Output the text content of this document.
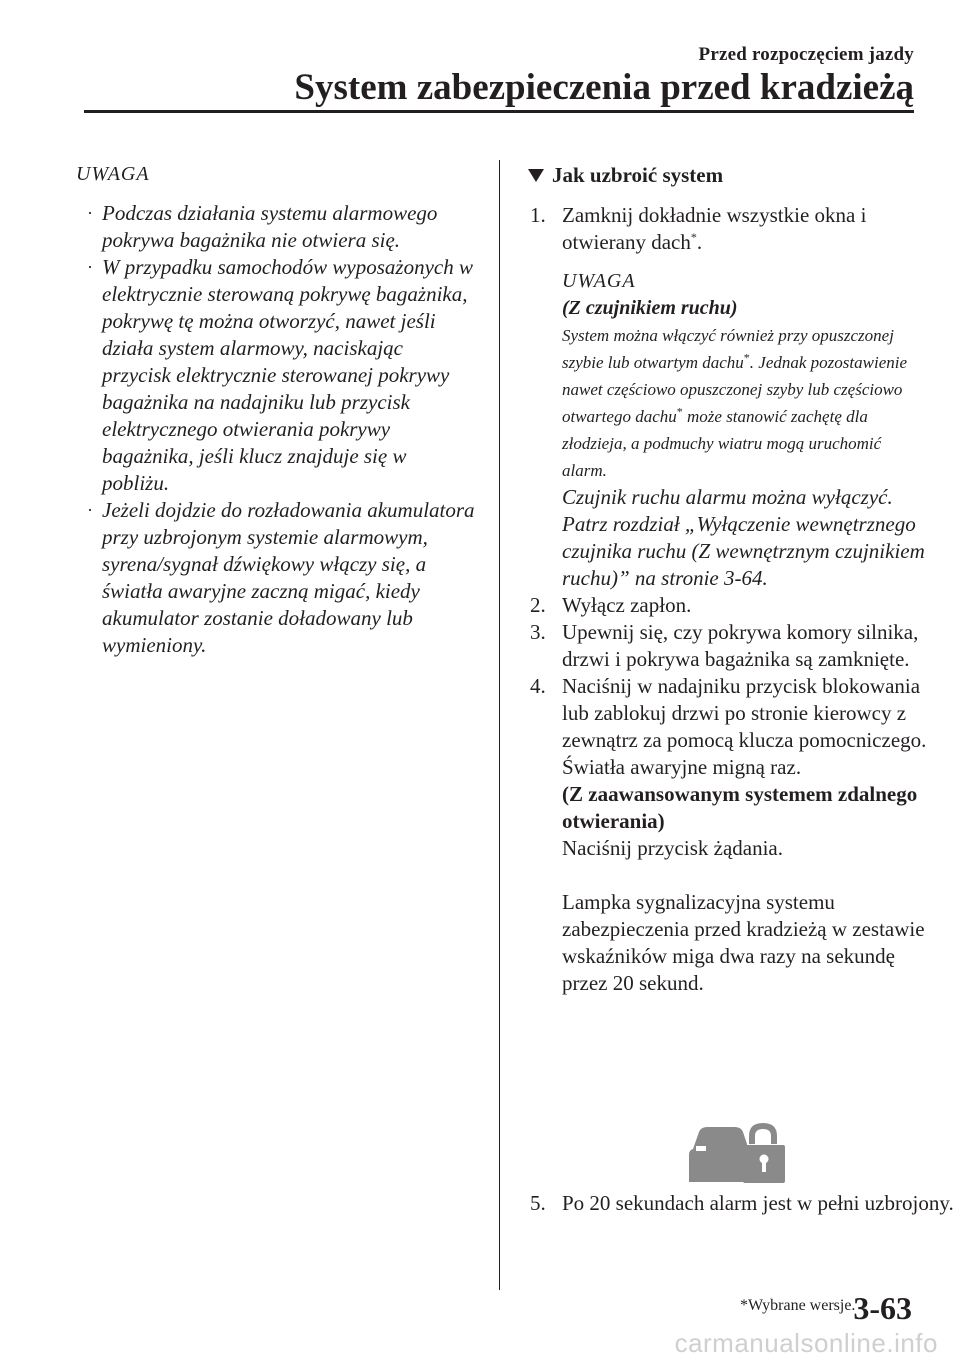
Przed rozpoczęciem jazdy
System zabezpieczenia przed kradzieżą
UWAGA
· Podczas działania systemu alarmowego pokrywa bagażnika nie otwiera się.
· W przypadku samochodów wyposażonych w elektrycznie sterowaną pokrywę bagażnika, pokrywę tę można otworzyć, nawet jeśli działa system alarmowy, naciskając przycisk elektrycznie sterowanej pokrywy bagażnika na nadajniku lub przycisk elektrycznego otwierania pokrywy bagażnika, jeśli klucz znajduje się w pobliżu.
· Jeżeli dojdzie do rozładowania akumulatora przy uzbrojonym systemie alarmowym, syrena/sygnał dźwiękowy włączy się, a światła awaryjne zaczną migać, kiedy akumulator zostanie doładowany lub wymieniony.
Jak uzbroić system
1. Zamknij dokładnie wszystkie okna i otwierany dach*.
UWAGA
(Z czujnikiem ruchu)
System można włączyć również przy opuszczonej szybie lub otwartym dachu*. Jednak pozostawienie nawet częściowo opuszczonej szyby lub częściowo otwartego dachu* może stanowić zachętę dla złodzieja, a podmuchy wiatru mogą uruchomić alarm.
Czujnik ruchu alarmu można wyłączyć. Patrz rozdział „Wyłączenie wewnętrznego czujnika ruchu (Z wewnętrznym czujnikiem ruchu)” na stronie 3-64.
2. Wyłącz zapłon.
3. Upewnij się, czy pokrywa komory silnika, drzwi i pokrywa bagażnika są zamknięte.
4. Naciśnij w nadajniku przycisk blokowania lub zablokuj drzwi po stronie kierowcy z zewnątrz za pomocą klucza pomocniczego. Światła awaryjne migną raz.
(Z zaawansowanym systemem zdalnego otwierania)
Naciśnij przycisk żądania.
Lampka sygnalizacyjna systemu zabezpieczenia przed kradzieżą w zestawie wskaźników miga dwa razy na sekundę przez 20 sekund.
5. Po 20 sekundach alarm jest w pełni uzbrojony.
*Wybrane wersje.
3-63
carmanualsonline.info
